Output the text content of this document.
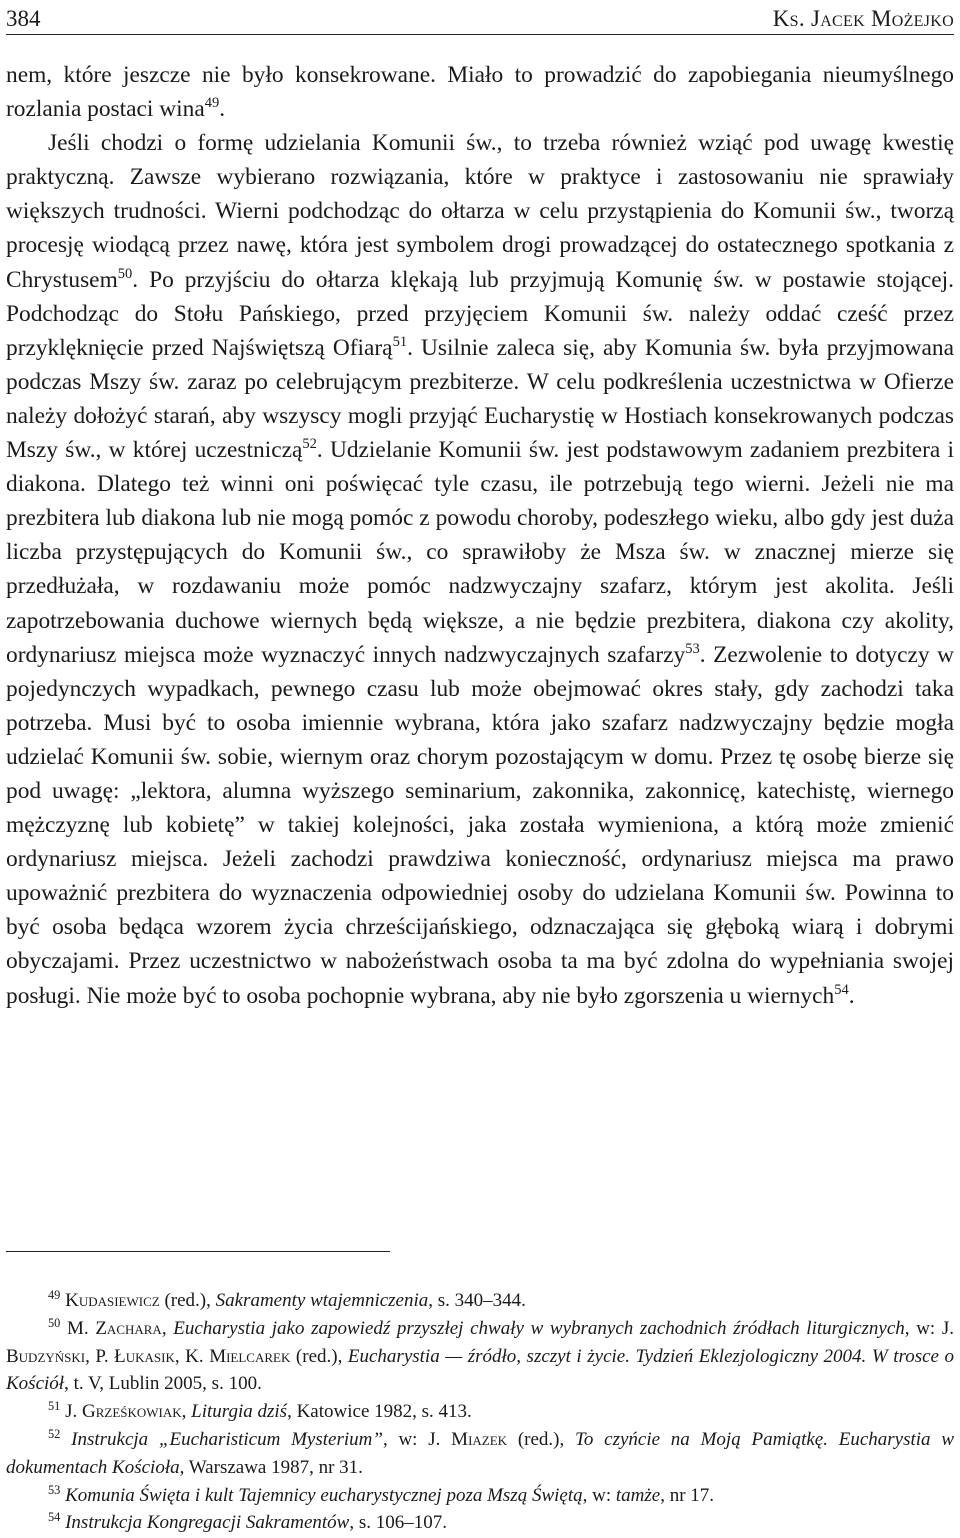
384	Ks. Jacek Możejko

nem, które jeszcze nie było konsekrowane. Miało to prowadzić do zapobiegania nieumyślnego rozlania postaci wina$^{49}$.

Jeśli chodzi o formę udzielania Komunii św., to trzeba również wziąć pod uwagę kwestię praktyczną. Zawsze wybierano rozwiązania, które w praktyce i zastosowaniu nie sprawiały większych trudności. Wierni podchodząc do ołtarza w celu przystąpienia do Komunii św., tworzą procesję wiodącą przez nawę, która jest symbolem drogi prowadzącej do ostatecznego spotkania z Chrystusem$^{50}$. Po przyjściu do ołtarza klękają lub przyjmują Komunię św. w postawie stojącej. Podchodząc do Stołu Pańskiego, przed przyjęciem Komunii św. należy oddać cześć przez przyklęknięcie przed Najświętszą Ofiarą$^{51}$. Usilnie zaleca się, aby Komunia św. była przyjmowana podczas Mszy św. zaraz po celebrującym prezbiterze. W celu podkreślenia uczestnictwa w Ofierze należy dołożyć starań, aby wszyscy mogli przyjąć Eucharystię w Hostiach konsekrowanych podczas Mszy św., w której uczestniczą$^{52}$. Udzielanie Komunii św. jest podstawowym zadaniem prezbitera i diakona. Dlatego też winni oni poświęcać tyle czasu, ile potrzebują tego wierni. Jeżeli nie ma prezbitera lub diakona lub nie mogą pomóc z powodu choroby, podeszłego wieku, albo gdy jest duża liczba przystępujących do Komunii św., co sprawiłoby że Msza św. w znacznej mierze się przedłużała, w rozdawaniu może pomóc nadzwyczajny szafarz, którym jest akolita. Jeśli zapotrzebowania duchowe wiernych będą większe, a nie będzie prezbitera, diakona czy akolity, ordynariusz miejsca może wyznaczyć innych nadzwyczajnych szafarzy$^{53}$. Zezwolenie to dotyczy w pojedynczych wypadkach, pewnego czasu lub może obejmować okres stały, gdy zachodzi taka potrzeba. Musi być to osoba imiennie wybrana, która jako szafarz nadzwyczajny będzie mogła udzielać Komunii św. sobie, wiernym oraz chorym pozostającym w domu. Przez tę osobę bierze się pod uwagę: „lektora, alumna wyższego seminarium, zakonnika, zakonnicę, katechistę, wiernego mężczyznę lub kobietę” w takiej kolejności, jaka została wymieniona, a którą może zmienić ordynariusz miejsca. Jeżeli zachodzi prawdziwa konieczność, ordynariusz miejsca ma prawo upoważnić prezbitera do wyznaczenia odpowiedniej osoby do udzielana Komunii św. Powinna to być osoba będąca wzorem życia chrześcijańskiego, odznaczająca się głęboką wiarą i dobrymi obyczajami. Przez uczestnictwo w nabożeństwach osoba ta ma być zdolna do wypełniania swojej posługi. Nie może być to osoba pochopnie wybrana, aby nie było zgorszenia u wiernych$^{54}$.

$^{49}$ Kudasiewicz (red.), Sakramenty wtajemniczenia, s. 340–344.

$^{50}$ M. Zachara, Eucharystia jako zapowiedź przyszłej chwały w wybranych zachodnich źródłach liturgicznych, w: J. Budzyński, P. Łukasik, K. Mielcarek (red.), Eucharystia — źródło, szczyt i życie. Tydzień Eklezjologiczny 2004. W trosce o Kościół, t. V, Lublin 2005, s. 100.

$^{51}$ J. Grześkowiak, Liturgia dziś, Katowice 1982, s. 413.

$^{52}$ Instrukcja „Eucharisticum Mysterium”, w: J. Miazek (red.), To czyńcie na Moją Pamiątkę. Eucharystia w dokumentach Kościoła, Warszawa 1987, nr 31.

$^{53}$ Komunia Święta i kult Tajemnicy eucharystycznej poza Mszą Świętą, w: tamże, nr 17.

$^{54}$ Instrukcja Kongregacji Sakramentów, s. 106–107.
